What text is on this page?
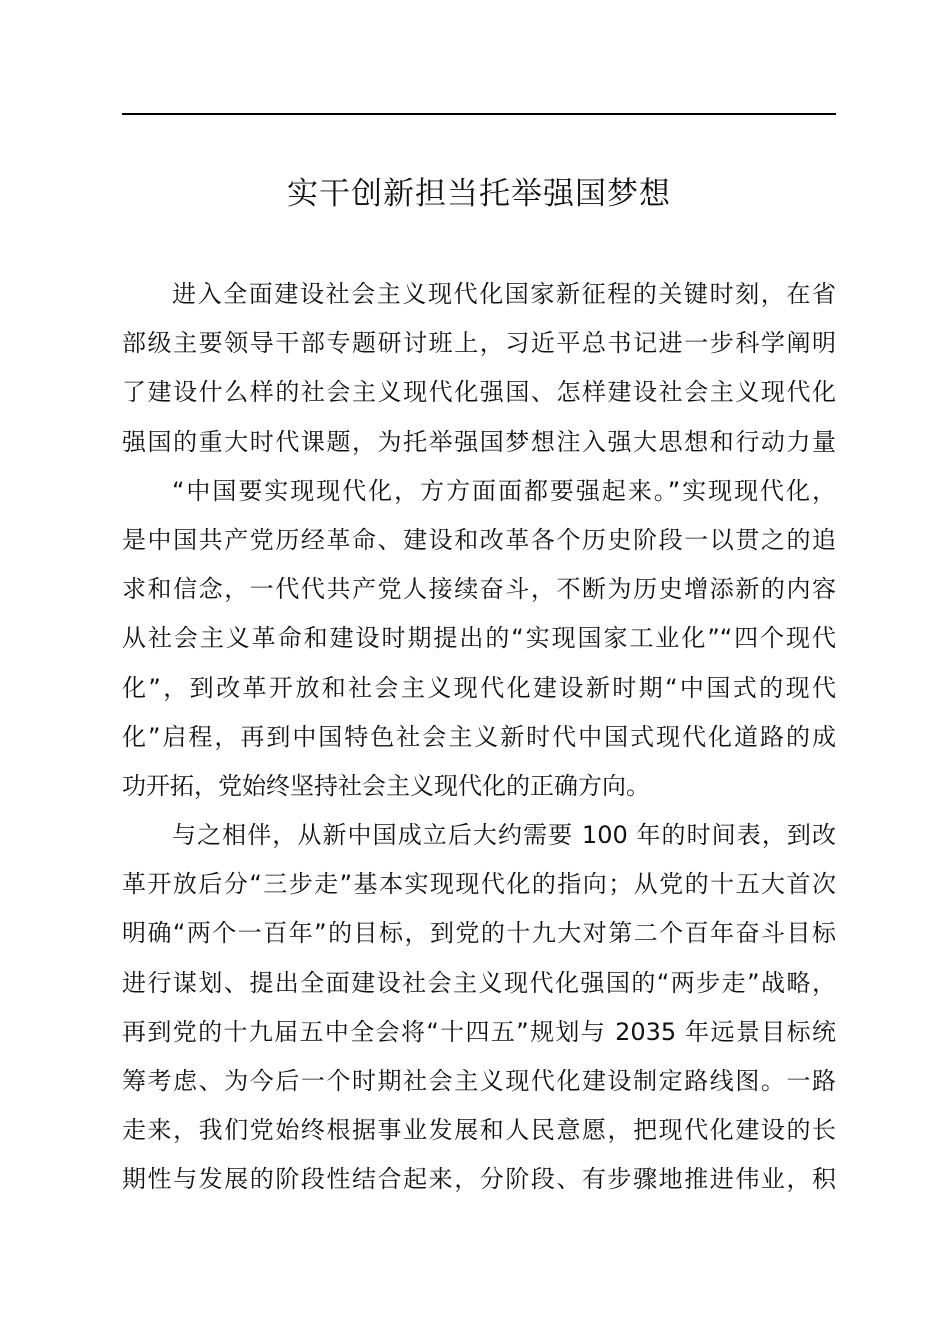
实干创新担当托举强国梦想
进入全面建设社会主义现代化国家新征程的关键时刻，在省
部级主要领导干部专题研讨班上，习近平总书记进一步科学阐明
了建设什么样的社会主义现代化强国、怎样建设社会主义现代化
强国的重大时代课题，为托举强国梦想注入强大思想和行动力量
“中国要实现现代化，方方面面都要强起来。”实现现代化，
是中国共产党历经革命、建设和改革各个历史阶段一以贯之的追
求和信念，一代代共产党人接续奋斗，不断为历史增添新的内容
从社会主义革命和建设时期提出的“实现国家工业化”“四个现代
化”，到改革开放和社会主义现代化建设新时期“中国式的现代
化”启程，再到中国特色社会主义新时代中国式现代化道路的成
功开拓，党始终坚持社会主义现代化的正确方向。
与之相伴，从新中国成立后大约需要 100 年的时间表，到改
革开放后分“三步走”基本实现现代化的指向；从党的十五大首次
明确“两个一百年”的目标，到党的十九大对第二个百年奋斗目标
进行谋划、提出全面建设社会主义现代化强国的“两步走”战略，
再到党的十九届五中全会将“十四五”规划与 2035 年远景目标统
筹考虑、为今后一个时期社会主义现代化建设制定路线图。一路
走来，我们党始终根据事业发展和人民意愿，把现代化建设的长
期性与发展的阶段性结合起来，分阶段、有步骤地推进伟业，积
